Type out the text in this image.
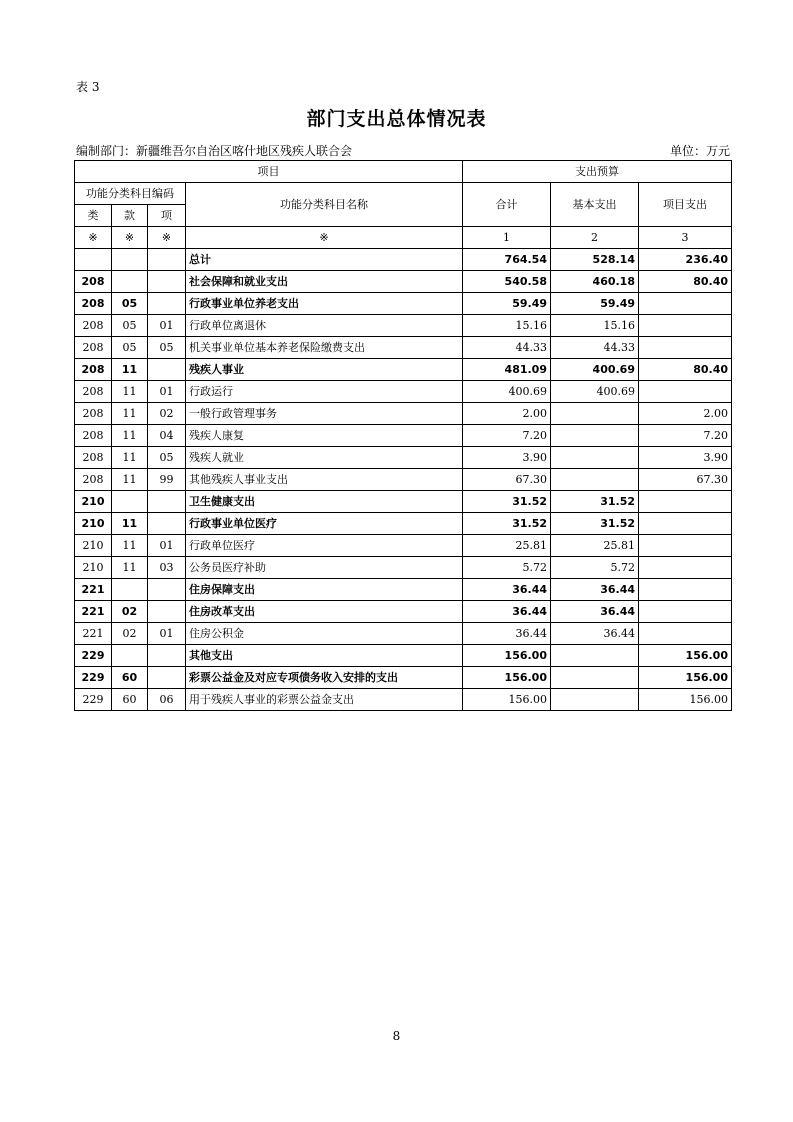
表 3
部门支出总体情况表
编制部门：新疆维吾尔自治区喀什地区残疾人联合会	单位：万元
项目				支出预算		
功能分类科目编码			功能分类科目名称	合计	基本支出	项目支出
类	款	项				
※	※	※	※	1	2	3
			总计	764.54	528.14	236.40
208			社会保障和就业支出	540.58	460.18	80.40
208	05		行政事业单位养老支出	59.49	59.49	
208	05	01	行政单位离退休	15.16	15.16	
208	05	05	机关事业单位基本养老保险缴费支出	44.33	44.33	
208	11		残疾人事业	481.09	400.69	80.40
208	11	01	行政运行	400.69	400.69	
208	11	02	一般行政管理事务	2.00		2.00
208	11	04	残疾人康复	7.20		7.20
208	11	05	残疾人就业	3.90		3.90
208	11	99	其他残疾人事业支出	67.30		67.30
210			卫生健康支出	31.52	31.52	
210	11		行政事业单位医疗	31.52	31.52	
210	11	01	行政单位医疗	25.81	25.81	
210	11	03	公务员医疗补助	5.72	5.72	
221			住房保障支出	36.44	36.44	
221	02		住房改革支出	36.44	36.44	
221	02	01	住房公积金	36.44	36.44	
229			其他支出	156.00		156.00
229	60		彩票公益金及对应专项债务收入安排的支出	156.00		156.00
229	60	06	用于残疾人事业的彩票公益金支出	156.00		156.00
8
